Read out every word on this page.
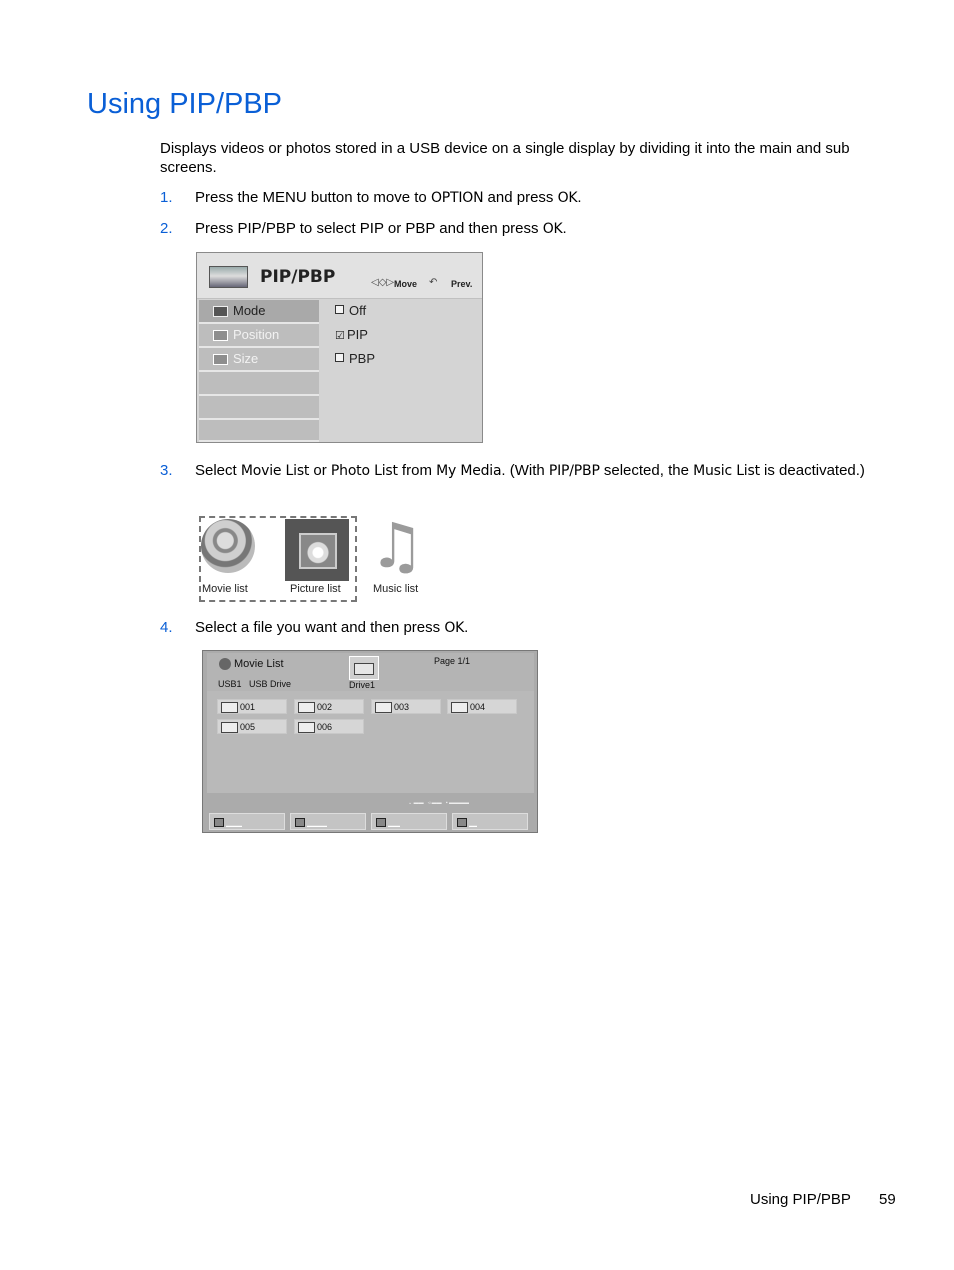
Using PIP/PBP
Displays videos or photos stored in a USB device on a single display by dividing it into the main and sub screens.
1. Press the MENU button to move to OPTION and press OK.
2. Press PIP/PBP to select PIP or PBP and then press OK.
PIP/PBP	◁◇▷ Move ↶ Prev.
Mode
Position
Size
Off
☑ PIP
PBP
3. Select Movie List or Photo List from My Media. (With PIP/PBP selected, the Music List is deactivated.)
Movie list	Picture list
♫
Music list
4. Select a file you want and then press OK.
Movie List
USB1   USB Drive	Drive1
Page 1/1
001	002	003	004
005	006
⌄ ▬▬   ◃ ▬▬   ▪ ▬▬▬▬
▬▬▬▬	▬▬▬▬▬	▬▬▬	▬▬
Using PIP/PBP 59
